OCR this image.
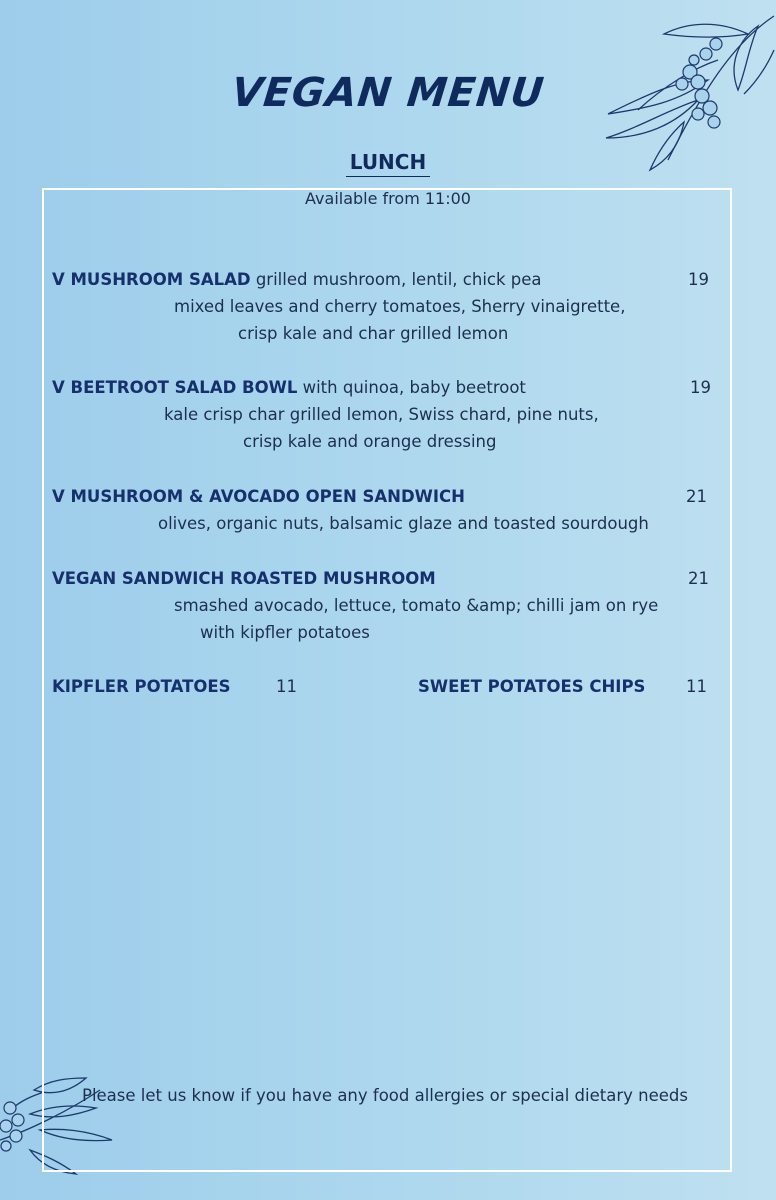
VEGAN MENU
LUNCH
Available from 11:00
V MUSHROOM SALAD grilled mushroom, lentil, chick pea	19
mixed leaves and cherry tomatoes, Sherry vinaigrette,
crisp kale and char grilled lemon
V BEETROOT SALAD BOWL with quinoa, baby beetroot	19
kale crisp char grilled lemon, Swiss chard, pine nuts,
crisp kale and orange dressing
V MUSHROOM & AVOCADO OPEN SANDWICH	21
olives, organic nuts, balsamic glaze and toasted sourdough
VEGAN SANDWICH ROASTED MUSHROOM	21
smashed avocado, lettuce, tomato &amp; chilli jam on rye
with kipfler potatoes
KIPFLER POTATOES	11	SWEET POTATOES CHIPS 11
Please let us know if you have any food allergies or special dietary needs
